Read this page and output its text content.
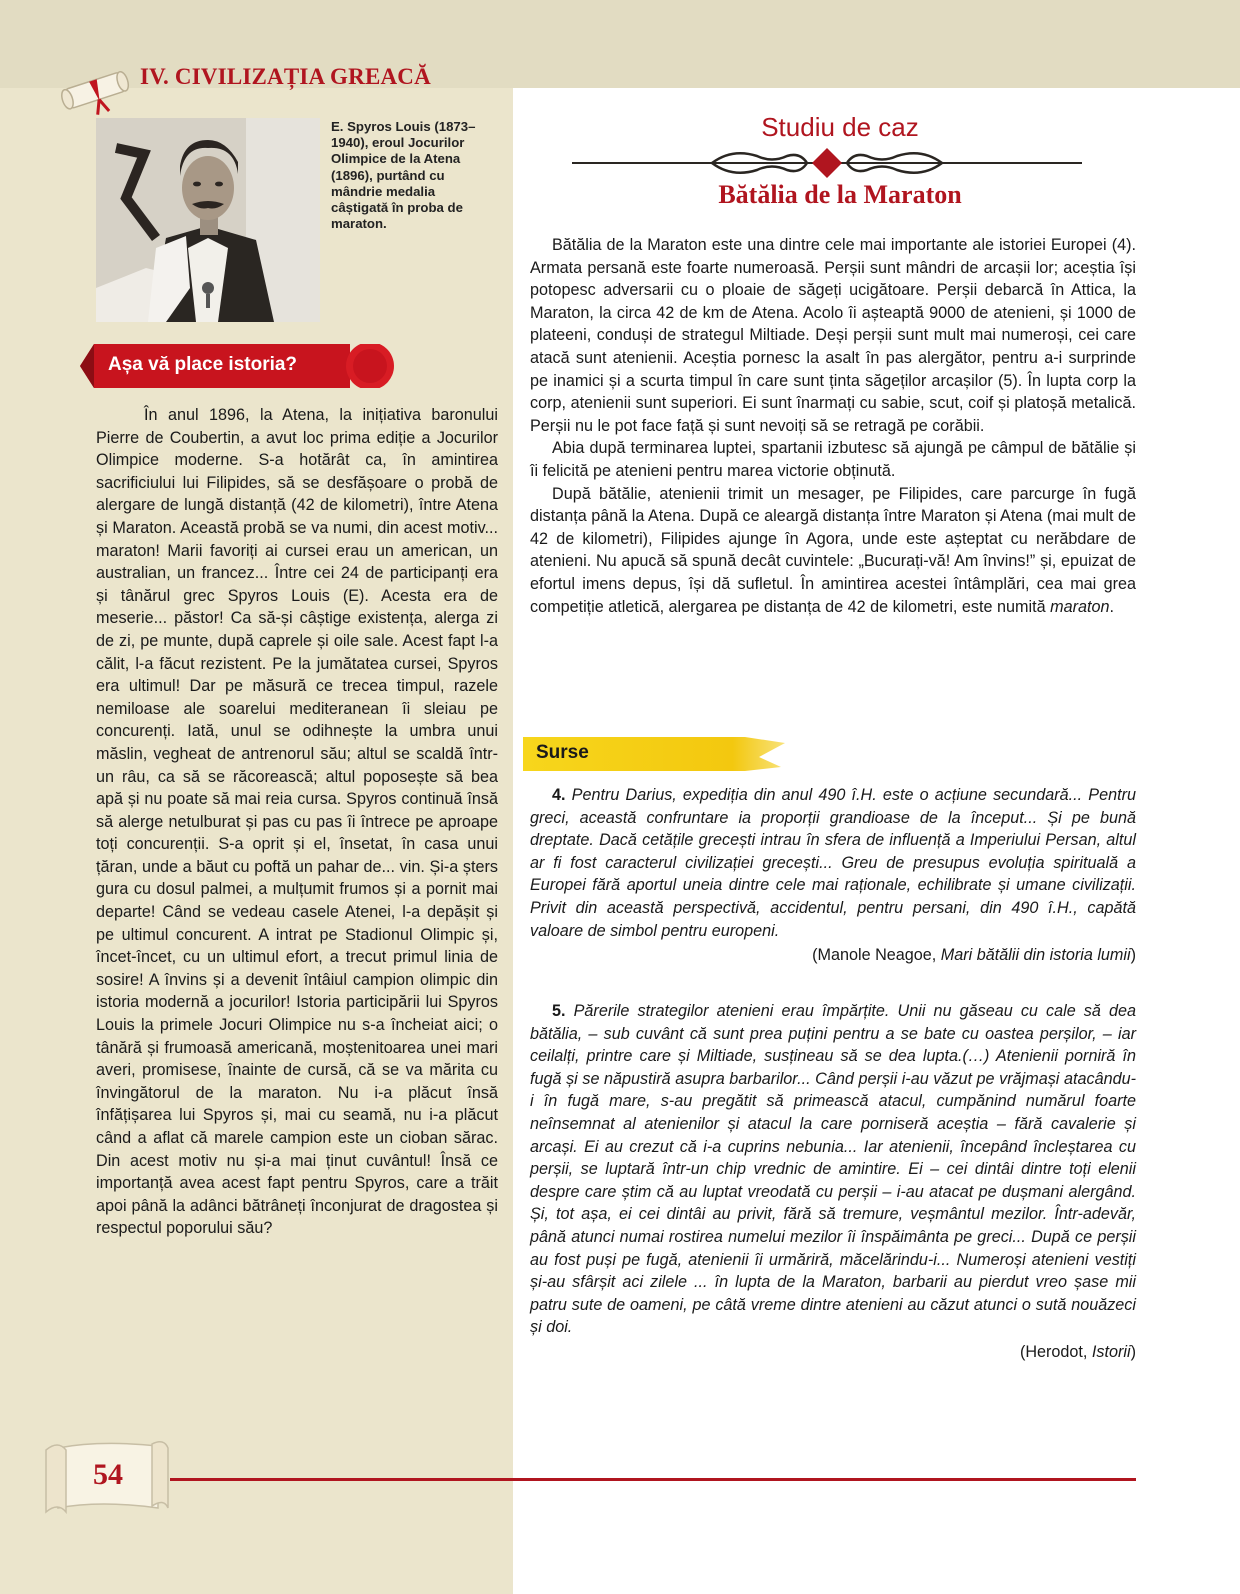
IV. CIVILIZAȚIA GREACĂ
E. Spyros Louis (1873–1940), eroul Jocurilor Olimpice de la Atena (1896), purtând cu mândrie medalia câștigată în proba de maraton.
Așa vă place istoria?

În anul 1896, la Atena, la inițiativa baronului Pierre de Coubertin, a avut loc prima ediție a Jocurilor Olimpice moderne. S-a hotărât ca, în amintirea sacrificiului lui Filipides, să se desfășoare o probă de alergare de lungă distanță (42 de kilometri), între Atena și Maraton. Această probă se va numi, din acest motiv... maraton! Marii favoriți ai cursei erau un american, un australian, un francez... Între cei 24 de participanți era și tânărul grec Spyros Louis (E). Acesta era de meserie... păstor! Ca să-și câștige existența, alerga zi de zi, pe munte, după caprele și oile sale. Acest fapt l-a călit, l-a făcut rezistent. Pe la jumătatea cursei, Spyros era ultimul! Dar pe măsură ce trecea timpul, razele nemiloase ale soarelui mediteranean îi sleiau pe concurenți. Iată, unul se odihnește la umbra unui măslin, vegheat de antrenorul său; altul se scaldă într-un râu, ca să se răcorească; altul poposește să bea apă și nu poate să mai reia cursa. Spyros continuă însă să alerge netulburat și pas cu pas îi întrece pe aproape toți concurenții. S-a oprit și el, însetat, în casa unui țăran, unde a băut cu poftă un pahar de... vin. Și-a șters gura cu dosul palmei, a mulțumit frumos și a pornit mai departe! Când se vedeau casele Atenei, l-a depășit și pe ultimul concurent. A intrat pe Stadionul Olimpic și, încet-încet, cu un ultimul efort, a trecut primul linia de sosire! A învins și a devenit întâiul campion olimpic din istoria modernă a jocurilor! Istoria participării lui Spyros Louis la primele Jocuri Olimpice nu s-a încheiat aici; o tânără și frumoasă americană, moștenitoarea unei mari averi, promisese, înainte de cursă, că se va mărita cu învingătorul de la maraton. Nu i-a plăcut însă înfățișarea lui Spyros și, mai cu seamă, nu i-a plăcut când a aflat că marele campion este un cioban sărac. Din acest motiv nu și-a mai ținut cuvântul! Însă ce importanță avea acest fapt pentru Spyros, care a trăit apoi până la adânci bătrâneți înconjurat de dragostea și respectul poporului său?

Studiu de caz
Bătălia de la Maraton

Bătălia de la Maraton este una dintre cele mai importante ale istoriei Europei (4). Armata persană este foarte numeroasă. Perșii sunt mândri de arcașii lor; aceștia își potopesc adversarii cu o ploaie de săgeți ucigătoare. Perșii debarcă în Attica, la Maraton, la circa 42 de km de Atena. Acolo îi așteaptă 9000 de atenieni, și 1000 de plateeni, conduși de strategul Miltiade. Deși perșii sunt mult mai numeroși, cei care atacă sunt atenienii. Aceștia pornesc la asalt în pas alergător, pentru a-i surprinde pe inamici și a scurta timpul în care sunt ținta săgeților arcașilor (5). În lupta corp la corp, atenienii sunt superiori. Ei sunt înarmați cu sabie, scut, coif și platoșă metalică. Perșii nu le pot face față și sunt nevoiți să se retragă pe corăbii.

Abia după terminarea luptei, spartanii izbutesc să ajungă pe câmpul de bătălie și îi felicită pe atenieni pentru marea victorie obținută.

După bătălie, atenienii trimit un mesager, pe Filipides, care parcurge în fugă distanța până la Atena. După ce aleargă distanța între Maraton și Atena (mai mult de 42 de kilometri), Filipides ajunge în Agora, unde este așteptat cu nerăbdare de atenieni. Nu apucă să spună decât cuvintele: „Bucurați-vă! Am învins!” și, epuizat de efortul imens depus, își dă sufletul. În amintirea acestei întâmplări, cea mai grea competiție atletică, alergarea pe distanța de 42 de kilometri, este numită maraton.

Surse

4. Pentru Darius, expediția din anul 490 î.H. este o acțiune secundară... Pentru greci, această confruntare ia proporții grandioase de la început... Și pe bună dreptate. Dacă cetățile grecești intrau în sfera de influență a Imperiului Persan, altul ar fi fost caracterul civilizației grecești... Greu de presupus evoluția spirituală a Europei fără aportul uneia dintre cele mai raționale, echilibrate și umane civilizații. Privit din această perspectivă, accidentul, pentru persani, din 490 î.H., capătă valoare de simbol pentru europeni.

(Manole Neagoe, Mari bătălii din istoria lumii)

5. Părerile strategilor atenieni erau împărțite. Unii nu găseau cu cale să dea bătălia, – sub cuvânt că sunt prea puțini pentru a se bate cu oastea perșilor, – iar ceilalți, printre care și Miltiade, susțineau să se dea lupta.(…) Atenienii porniră în fugă și se năpustiră asupra barbarilor... Când perșii i-au văzut pe vrăjmași atacându-i în fugă mare, s-au pregătit să primească atacul, cumpănind numărul foarte neînsemnat al atenienilor și atacul la care porniseră aceștia – fără cavalerie și arcași. Ei au crezut că i-a cuprins nebunia... Iar atenienii, începând încleștarea cu perșii, se luptară într-un chip vrednic de amintire. Ei – cei dintâi dintre toți elenii despre care știm că au luptat vreodată cu perșii – i-au atacat pe dușmani alergând. Și, tot așa, ei cei dintâi au privit, fără să tremure, veșmântul mezilor. Într-adevăr, până atunci numai rostirea numelui mezilor îi înspăimânta pe greci... După ce perșii au fost puși pe fugă, atenienii îi urmăriră, măcelărindu-i... Numeroși atenieni vestiți și-au sfârșit aci zilele ... în lupta de la Maraton, barbarii au pierdut vreo șase mii patru sute de oameni, pe câtă vreme dintre atenieni au căzut atunci o sută nouăzeci și doi.

(Herodot, Istorii)
54
